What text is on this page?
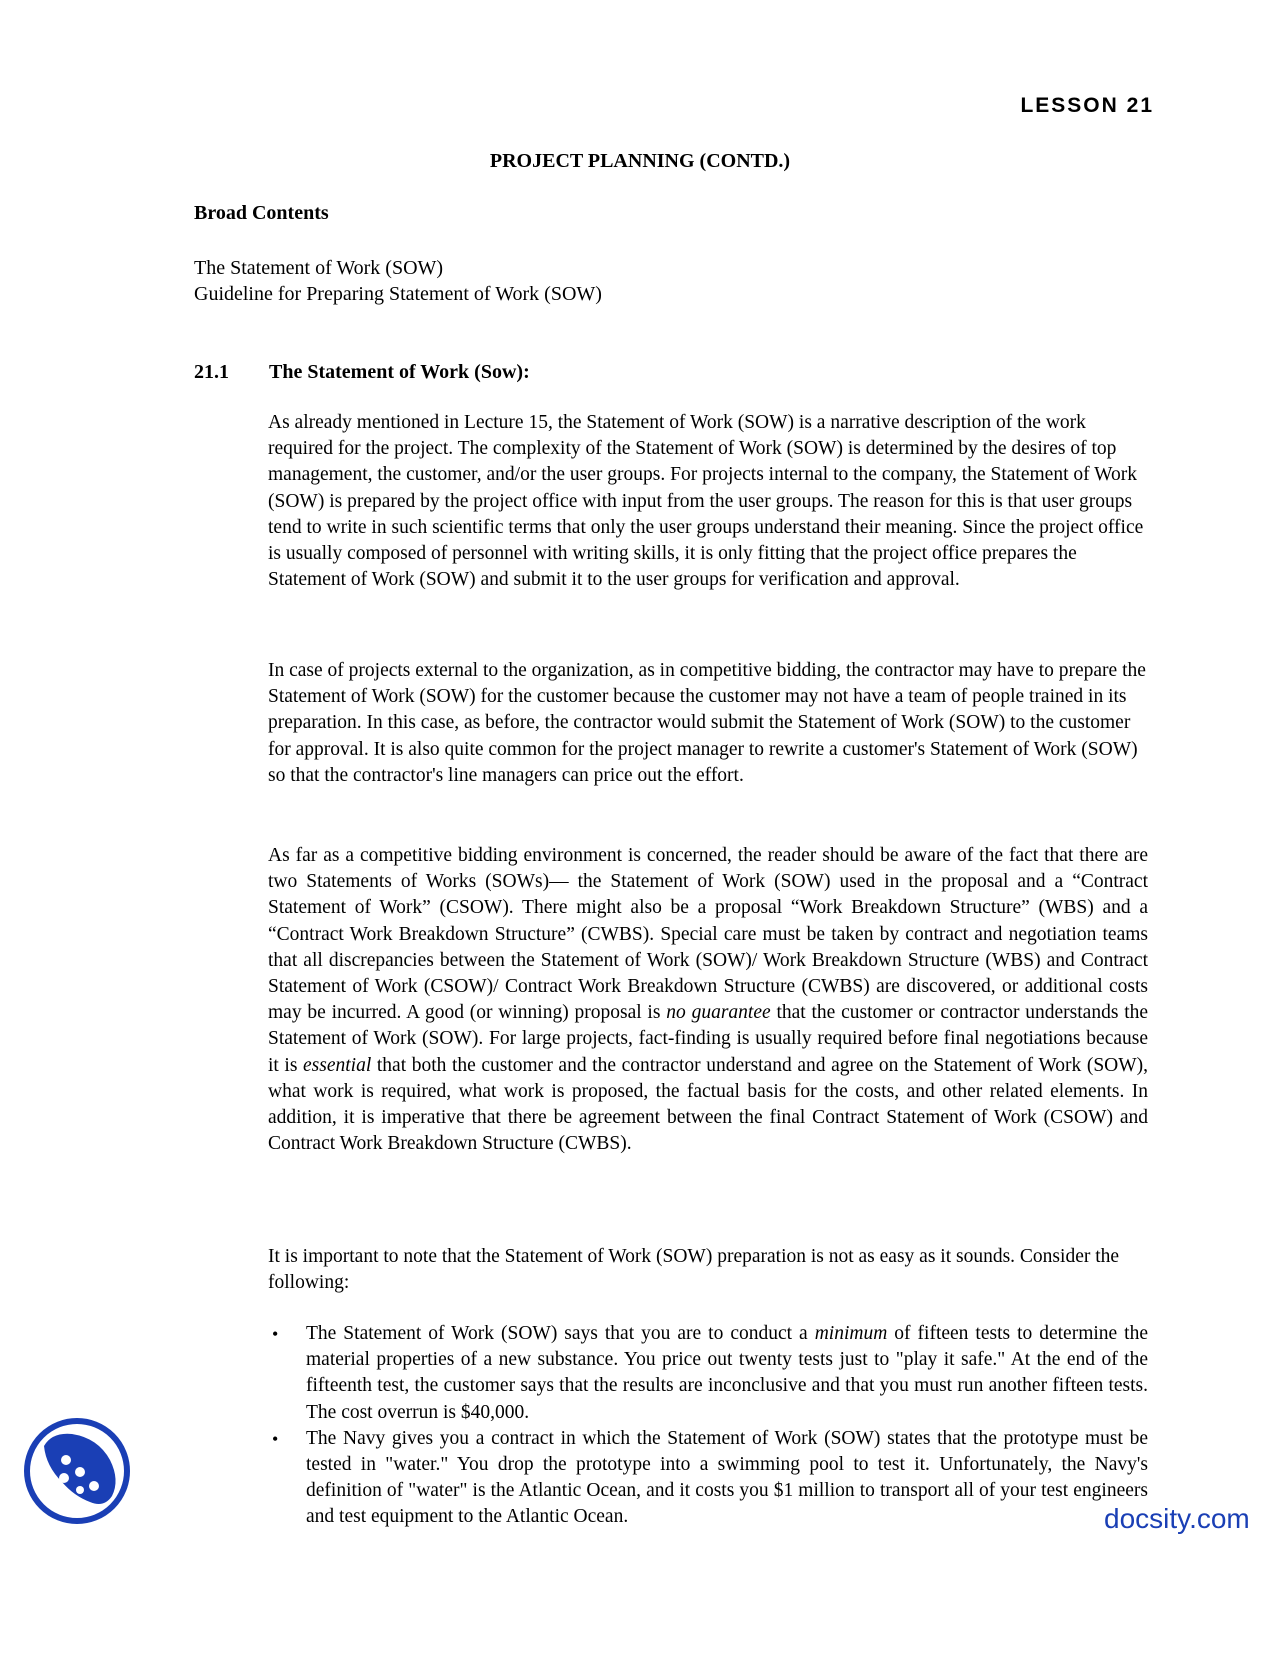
LESSON 21
PROJECT PLANNING (CONTD.)
Broad Contents
The Statement of Work (SOW)
Guideline for Preparing Statement of Work (SOW)
21.1 The Statement of Work (Sow):

As already mentioned in Lecture 15, the Statement of Work (SOW) is a narrative description of the work required for the project. The complexity of the Statement of Work (SOW) is determined by the desires of top management, the customer, and/or the user groups. For projects internal to the company, the Statement of Work (SOW) is prepared by the project office with input from the user groups. The reason for this is that user groups tend to write in such scientific terms that only the user groups understand their meaning. Since the project office is usually composed of personnel with writing skills, it is only fitting that the project office prepares the Statement of Work (SOW) and submit it to the user groups for verification and approval.

In case of projects external to the organization, as in competitive bidding, the contractor may have to prepare the Statement of Work (SOW) for the customer because the customer may not have a team of people trained in its preparation. In this case, as before, the contractor would submit the Statement of Work (SOW) to the customer for approval. It is also quite common for the project manager to rewrite a customer's Statement of Work (SOW) so that the contractor's line managers can price out the effort.

As far as a competitive bidding environment is concerned, the reader should be aware of the fact that there are two Statements of Works (SOWs)— the Statement of Work (SOW) used in the proposal and a “Contract Statement of Work” (CSOW). There might also be a proposal “Work Breakdown Structure” (WBS) and a “Contract Work Breakdown Structure” (CWBS). Special care must be taken by contract and negotiation teams that all discrepancies between the Statement of Work (SOW)/ Work Breakdown Structure (WBS) and Contract Statement of Work (CSOW)/ Contract Work Breakdown Structure (CWBS) are discovered, or additional costs may be incurred. A good (or winning) proposal is no guarantee that the customer or contractor understands the Statement of Work (SOW). For large projects, fact-finding is usually required before final negotiations because it is essential that both the customer and the contractor understand and agree on the Statement of Work (SOW), what work is required, what work is proposed, the factual basis for the costs, and other related elements. In addition, it is imperative that there be agreement between the final Contract Statement of Work (CSOW) and Contract Work Breakdown Structure (CWBS).

It is important to note that the Statement of Work (SOW) preparation is not as easy as it sounds. Consider the following:

• The Statement of Work (SOW) says that you are to conduct a minimum of fifteen tests to determine the material properties of a new substance. You price out twenty tests just to "play it safe." At the end of the fifteenth test, the customer says that the results are inconclusive and that you must run another fifteen tests. The cost overrun is $40,000.
• The Navy gives you a contract in which the Statement of Work (SOW) states that the prototype must be tested in "water." You drop the prototype into a swimming pool to test it. Unfortunately, the Navy's definition of "water" is the Atlantic Ocean, and it costs you $1 million to transport all of your test engineers and test equipment to the Atlantic Ocean.	docsity.com
